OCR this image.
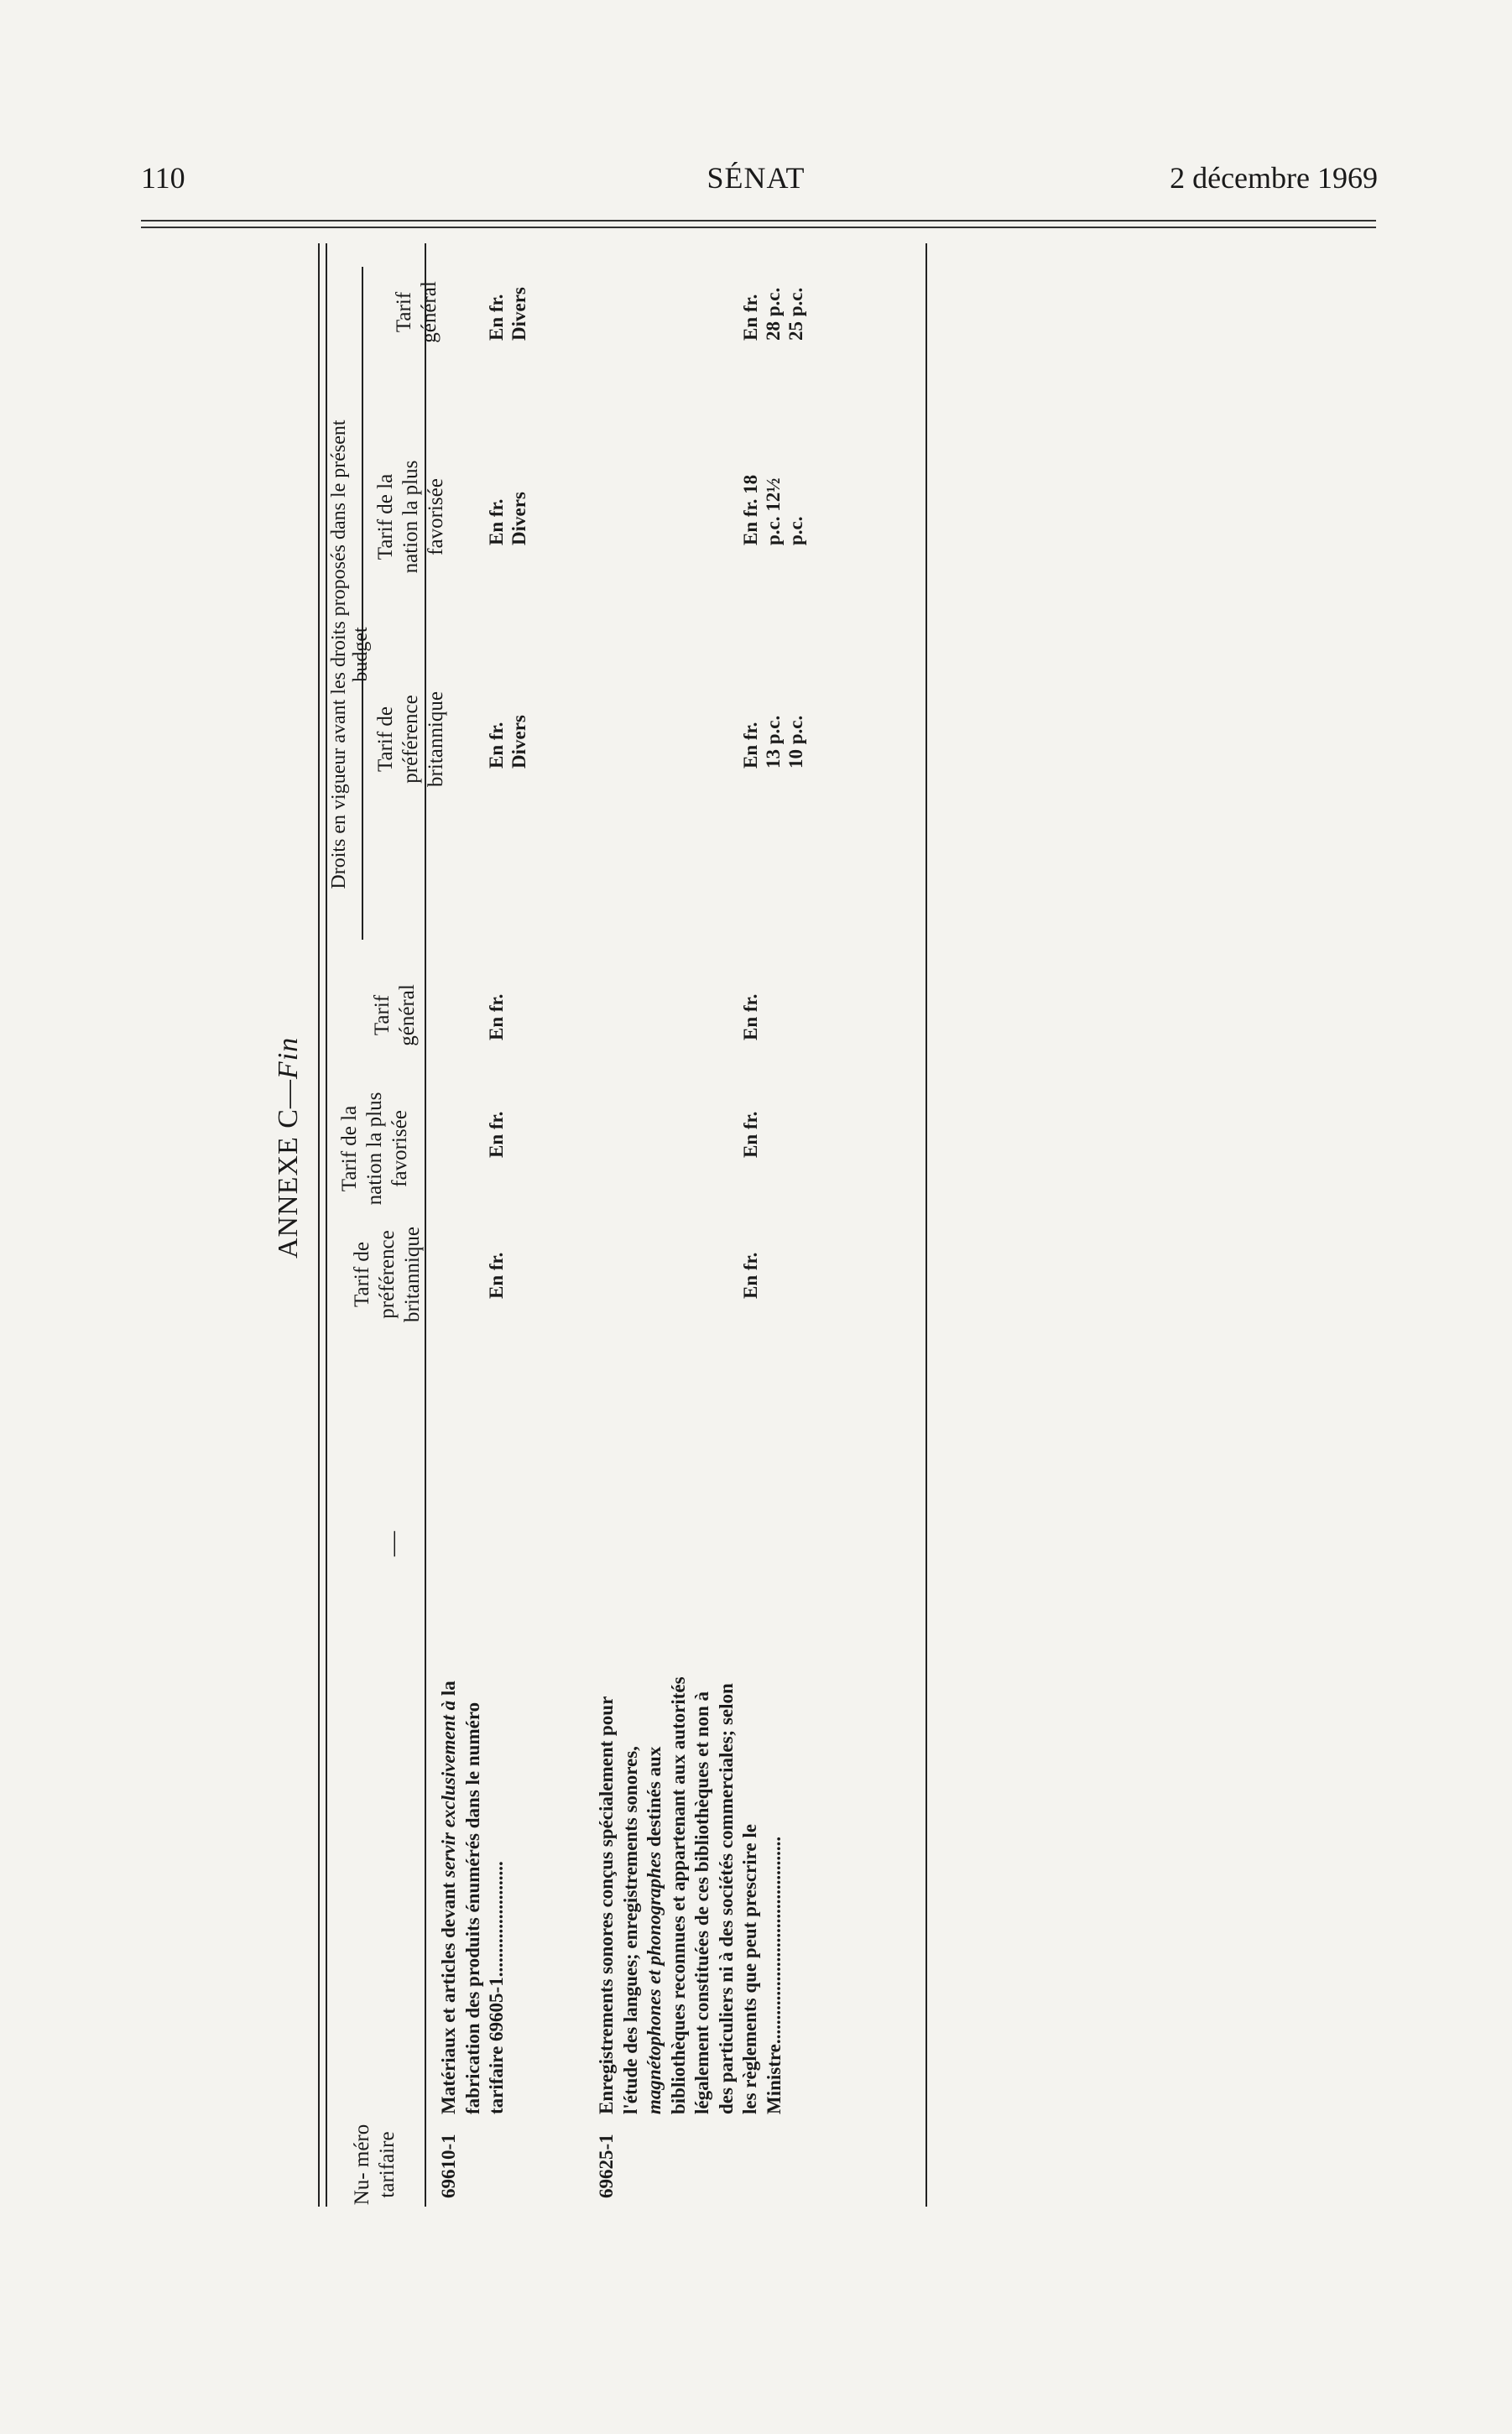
110	SÉNAT	2 décembre 1969
ANNEXE C—Fin
Nu- méro tarifaire
—
Tarif de préférence britannique
Tarif de la nation la plus favorisée
Tarif général
Droits en vigueur avant les droits proposés dans le présent budget
Tarif de préférence britannique
Tarif de la nation la plus favorisée
Tarif général
69610-1
Matériaux et articles devant servir exclusivement à la fabrication des produits énumérés dans le numéro tarifaire 69605-1........................
En fr.
En fr.
En fr.
En fr. Divers
En fr. Divers
En fr. Divers
69625-1
Enregistrements sonores conçus spécialement pour l'étude des langues; enregistrements sonores, magnétophones et phonographes destinés aux bibliothèques reconnues et appartenant aux autorités légalement constituées de ces bibliothèques et non à des particuliers ni à des sociétés commerciales; selon les règlements que peut prescrire le Ministre...........................................
En fr.
En fr.
En fr.
En fr. 13 p.c. 10 p.c.
En fr. 18 p.c. 12½ p.c.
En fr. 28 p.c. 25 p.c.
